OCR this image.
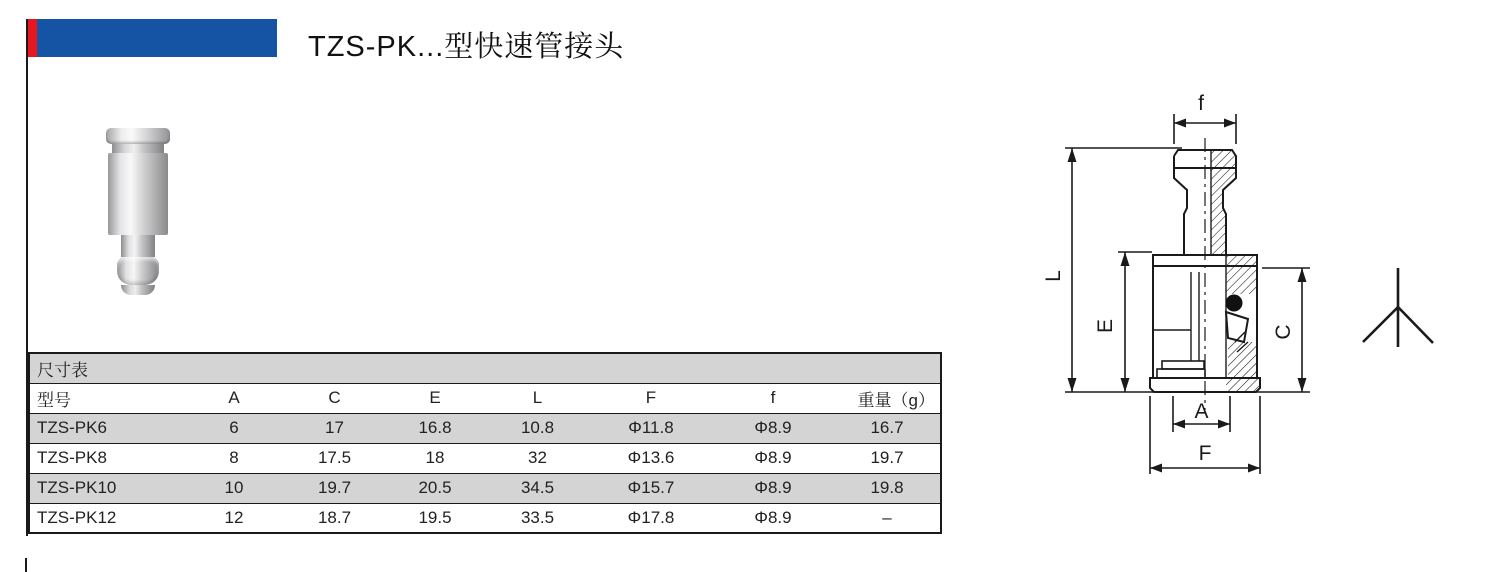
TZS-PK...型快速管接头
尺寸表							
型号	A	C	E	L	F	f	重量（g）
TZS-PK6	6	17	16.8	10.8	Φ11.8	Φ8.9	16.7
TZS-PK8	8	17.5	18	32	Φ13.6	Φ8.9	19.7
TZS-PK10	10	19.7	20.5	34.5	Φ15.7	Φ8.9	19.8
TZS-PK12	12	18.7	19.5	33.5	Φ17.8	Φ8.9	–
f
L
E	C
A
F
